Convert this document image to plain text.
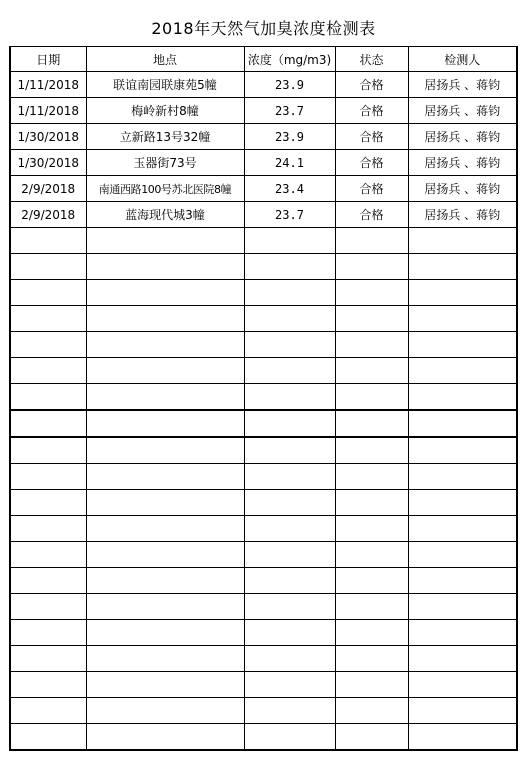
2018年天然气加臭浓度检测表
日期	地点	浓度（mg/m3)	状态	检测人
1/11/2018	联谊南园联康苑5幢	23.9	合格	居扬兵 、蒋钧
1/11/2018	梅岭新村8幢	23.7	合格	居扬兵 、蒋钧
1/30/2018	立新路13号32幢	23.9	合格	居扬兵 、蒋钧
1/30/2018	玉器街73号	24.1	合格	居扬兵 、蒋钧
2/9/2018	南通西路100号苏北医院8幢	23.4	合格	居扬兵 、蒋钧
2/9/2018	蓝海现代城3幢	23.7	合格	居扬兵 、蒋钧
